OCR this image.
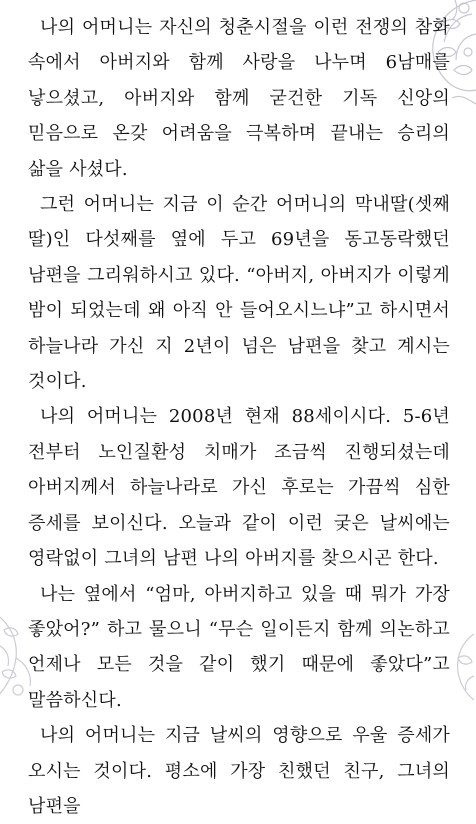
나의 어머니는 자신의 청춘시절을 이런 전쟁의 참화 속에서 아버지와 함께 사랑을 나누며 6남매를 낳으셨고, 아버지와 함께 굳건한 기독 신앙의 믿음으로 온갖 어려움을 극복하며 끝내는 승리의 삶을 사셨다.

그런 어머니는 지금 이 순간 어머니의 막내딸(셋째 딸)인 다섯째를 옆에 두고 69년을 동고동락했던 남편을 그리워하시고 있다. “아버지, 아버지가 이렇게 밤이 되었는데 왜 아직 안 들어오시느냐”고 하시면서 하늘나라 가신 지 2년이 넘은 남편을 찾고 계시는 것이다.

나의 어머니는 2008년 현재 88세이시다. 5-6년 전부터 노인질환성 치매가 조금씩 진행되셨는데 아버지께서 하늘나라로 가신 후로는 가끔씩 심한 증세를 보이신다. 오늘과 같이 이런 궂은 날씨에는 영락없이 그녀의 남편 나의 아버지를 찾으시곤 한다.

나는 옆에서 “엄마, 아버지하고 있을 때 뭐가 가장 좋았어?” 하고 물으니 “무슨 일이든지 함께 의논하고 언제나 모든 것을 같이 했기 때문에 좋았다”고 말씀하신다.

나의 어머니는 지금 날씨의 영향으로 우울 증세가 오시는 것이다. 평소에 가장 친했던 친구, 그녀의 남편을
